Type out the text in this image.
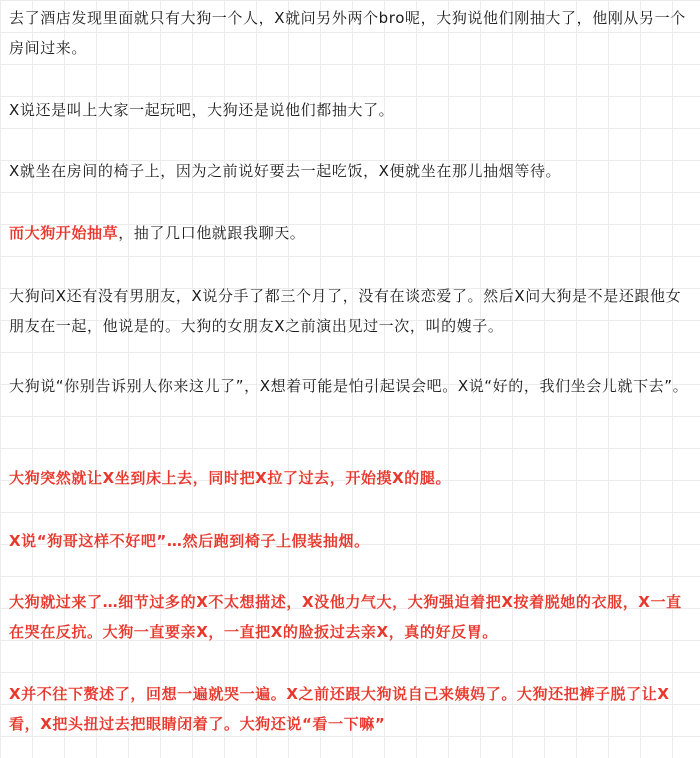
去了酒店发现里面就只有大狗一个人，X就问另外两个bro呢，大狗说他们刚抽大了，他刚从另一个房间过来。

X说还是叫上大家一起玩吧，大狗还是说他们都抽大了。

X就坐在房间的椅子上，因为之前说好要去一起吃饭，X便就坐在那儿抽烟等待。

而大狗开始抽草，抽了几口他就跟我聊天。

大狗问X还有没有男朋友，X说分手了都三个月了，没有在谈恋爱了。然后X问大狗是不是还跟他女朋友在一起，他说是的。大狗的女朋友X之前演出见过一次，叫的嫂子。

大狗说“你别告诉别人你来这儿了”，X想着可能是怕引起误会吧。X说“好的，我们坐会儿就下去”。

大狗突然就让X坐到床上去，同时把X拉了过去，开始摸X的腿。

X说“狗哥这样不好吧”…然后跑到椅子上假装抽烟。

大狗就过来了…细节过多的X不太想描述，X没他力气大，大狗强迫着把X按着脱她的衣服，X一直在哭在反抗。大狗一直要亲X，一直把X的脸扳过去亲X，真的好反胃。

X并不往下赘述了，回想一遍就哭一遍。X之前还跟大狗说自己来姨妈了。大狗还把裤子脱了让X看，X把头扭过去把眼睛闭着了。大狗还说“看一下嘛”
